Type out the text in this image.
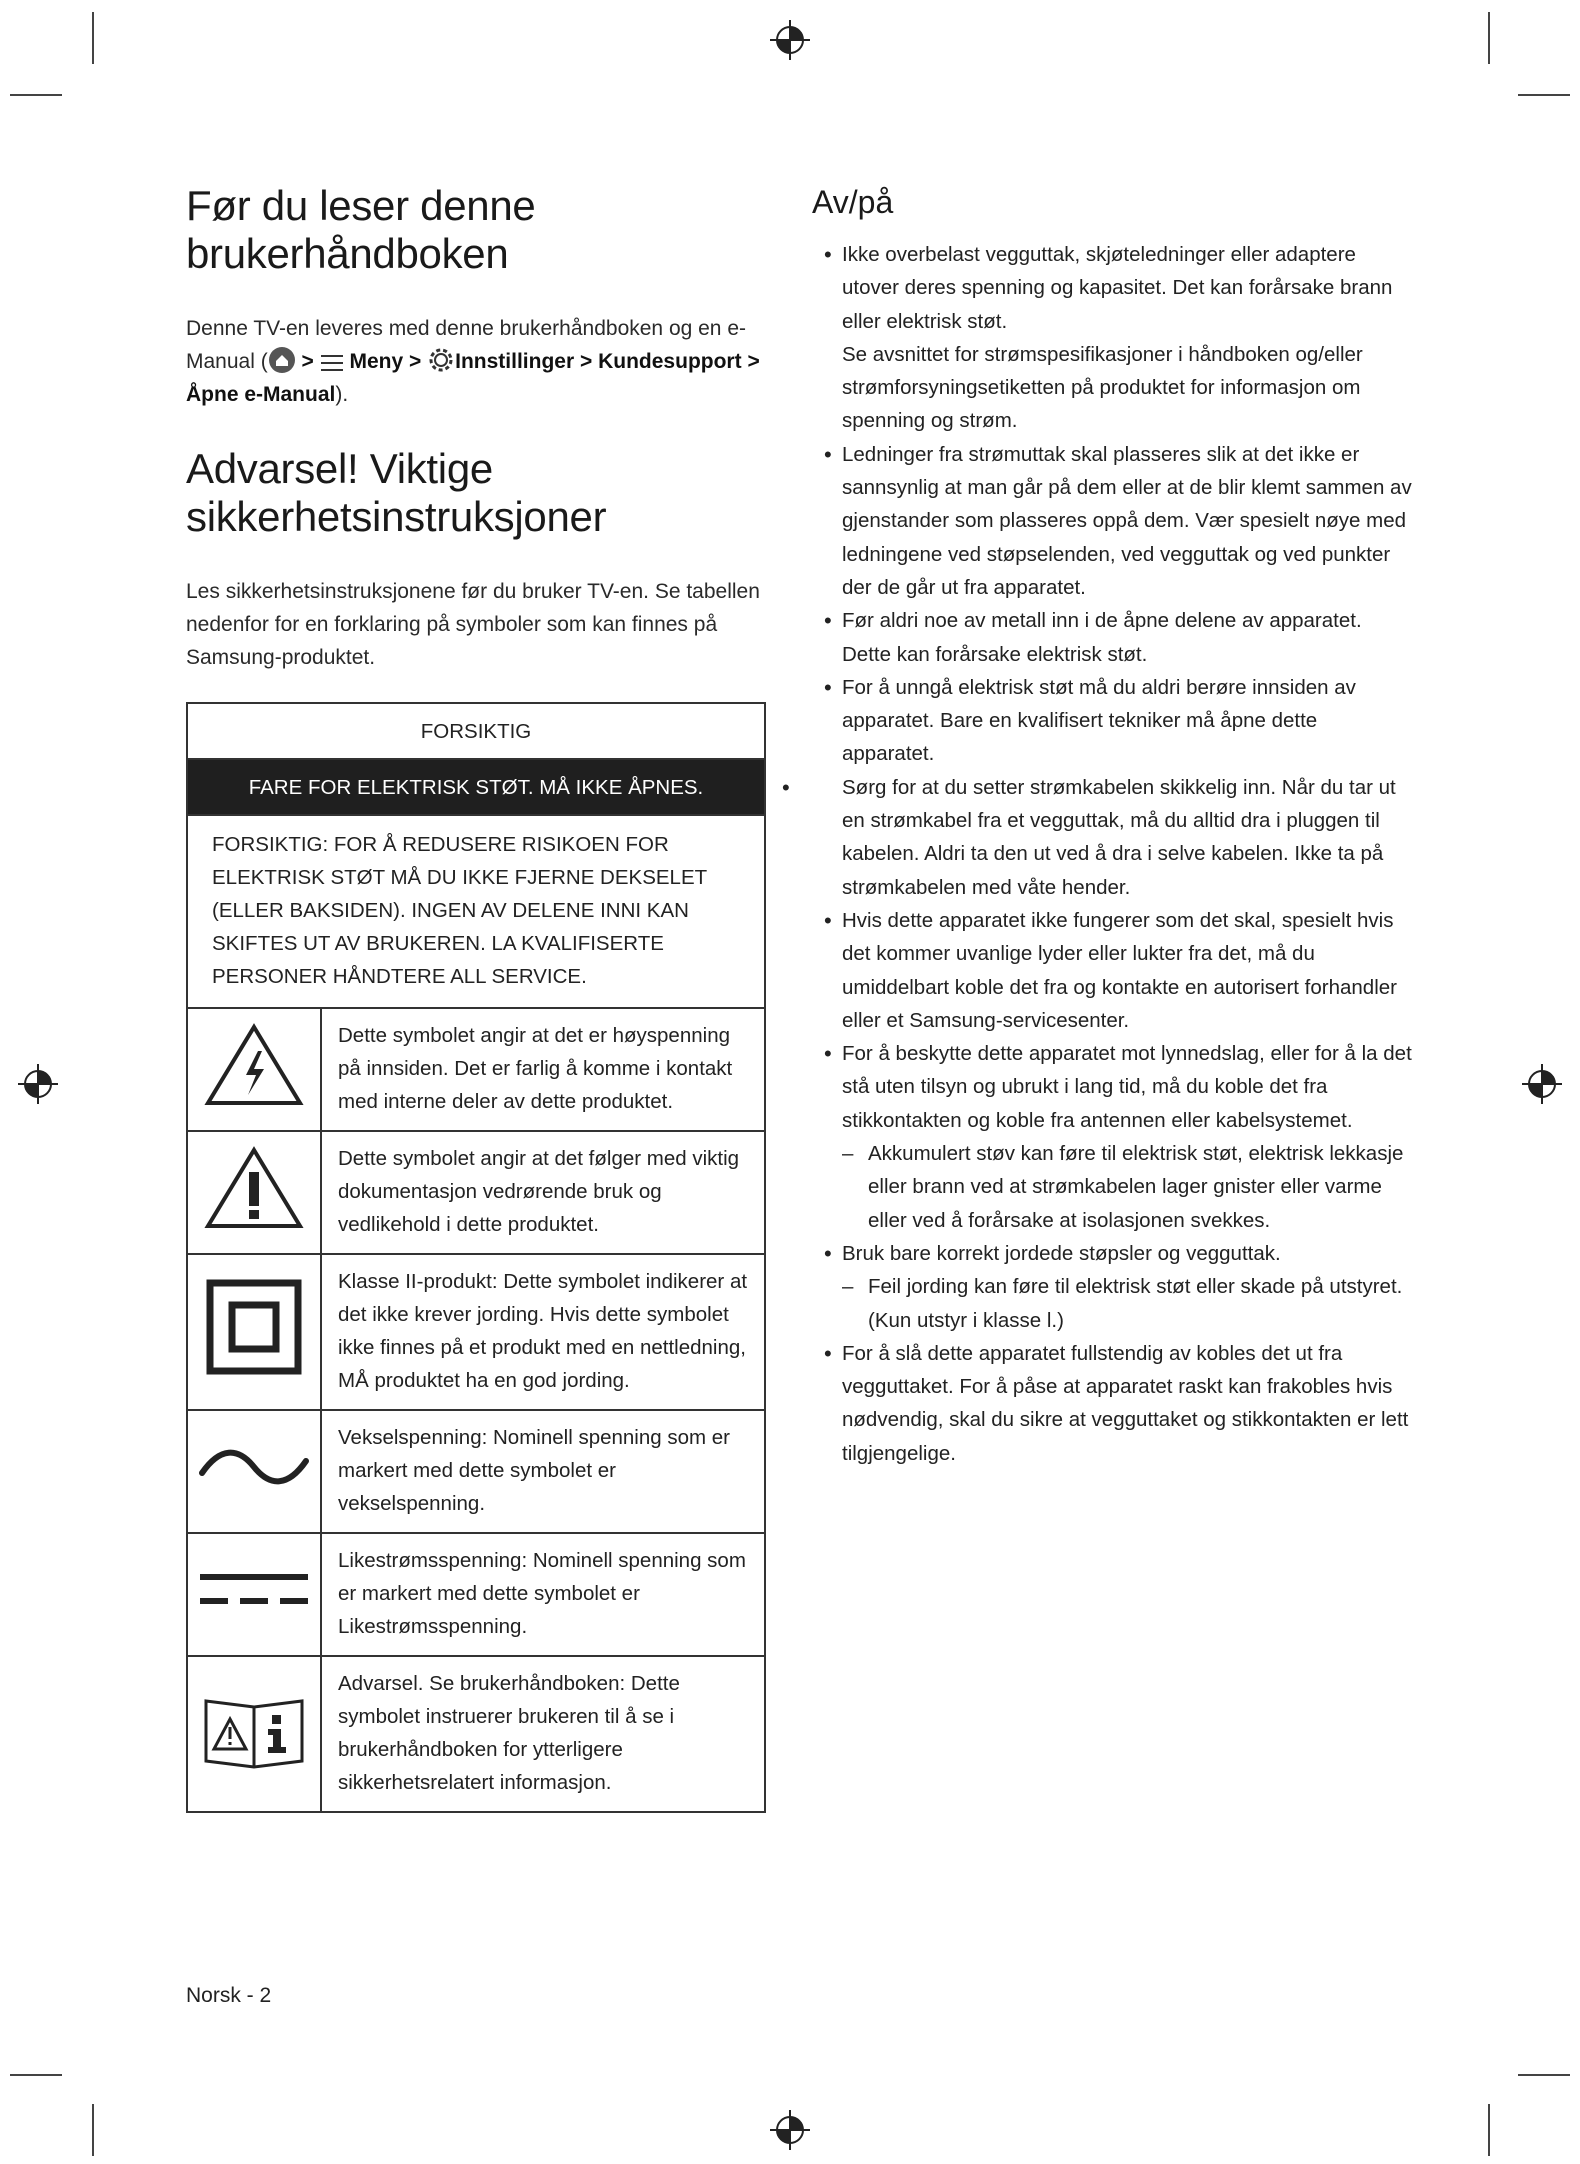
Før du leser denne brukerhåndboken

Denne TV-en leveres med denne brukerhåndboken og en e-Manual ( > Meny > Innstillinger > Kundesupport > Åpne e-Manual).

Advarsel! Viktige sikkerhetsinstruksjoner

Les sikkerhetsinstruksjonene før du bruker TV-en. Se tabellen nedenfor for en forklaring på symboler som kan finnes på Samsung-produktet.

FORSIKTIG	
FARE FOR ELEKTRISK STØT. MÅ IKKE ÅPNES.	
FORSIKTIG: FOR Å REDUSERE RISIKOEN FOR ELEKTRISK STØT MÅ DU IKKE FJERNE DEKSELET (ELLER BAKSIDEN). INGEN AV DELENE INNI KAN SKIFTES UT AV BRUKEREN. LA KVALIFISERTE PERSONER HÅNDTERE ALL SERVICE.	
	Dette symbolet angir at det er høyspenning på innsiden. Det er farlig å komme i kontakt med interne deler av dette produktet.
	Dette symbolet angir at det følger med viktig dokumentasjon vedrørende bruk og vedlikehold i dette produktet.
	Klasse II-produkt: Dette symbolet indikerer at det ikke krever jording. Hvis dette symbolet ikke finnes på et produkt med en nettledning, MÅ produktet ha en god jording.
	Vekselspenning: Nominell spenning som er markert med dette symbolet er vekselspenning.
	Likestrømsspenning: Nominell spenning som er markert med dette symbolet er Likestrømsspenning.
	Advarsel. Se brukerhåndboken: Dette symbolet instruerer brukeren til å se i brukerhåndboken for ytterligere sikkerhetsrelatert informasjon.
Av/på
• Ikke overbelast vegguttak, skjøteledninger eller adaptere utover deres spenning og kapasitet. Det kan forårsake brann eller elektrisk støt.
Se avsnittet for strømspesifikasjoner i håndboken og/eller strømforsyningsetiketten på produktet for informasjon om spenning og strøm.
• Ledninger fra strømuttak skal plasseres slik at det ikke er sannsynlig at man går på dem eller at de blir klemt sammen av gjenstander som plasseres oppå dem. Vær spesielt nøye med ledningene ved støpselenden, ved vegguttak og ved punkter der de går ut fra apparatet.
• Før aldri noe av metall inn i de åpne delene av apparatet. Dette kan forårsake elektrisk støt.
• For å unngå elektrisk støt må du aldri berøre innsiden av apparatet. Bare en kvalifisert tekniker må åpne dette apparatet.
• Sørg for at du setter strømkabelen skikkelig inn. Når du tar ut en strømkabel fra et vegguttak, må du alltid dra i pluggen til kabelen. Aldri ta den ut ved å dra i selve kabelen. Ikke ta på strømkabelen med våte hender.
• Hvis dette apparatet ikke fungerer som det skal, spesielt hvis det kommer uvanlige lyder eller lukter fra det, må du umiddelbart koble det fra og kontakte en autorisert forhandler eller et Samsung-servicesenter.
• For å beskytte dette apparatet mot lynnedslag, eller for å la det stå uten tilsyn og ubrukt i lang tid, må du koble det fra stikkontakten og koble fra antennen eller kabelsystemet.
– Akkumulert støv kan føre til elektrisk støt, elektrisk lekkasje eller brann ved at strømkabelen lager gnister eller varme eller ved å forårsake at isolasjonen svekkes.
• Bruk bare korrekt jordede støpsler og vegguttak.
– Feil jording kan føre til elektrisk støt eller skade på utstyret. (Kun utstyr i klasse l.)
• For å slå dette apparatet fullstendig av kobles det ut fra vegguttaket. For å påse at apparatet raskt kan frakobles hvis nødvendig, skal du sikre at vegguttaket og stikkontakten er lett tilgjengelige.
Norsk - 2
